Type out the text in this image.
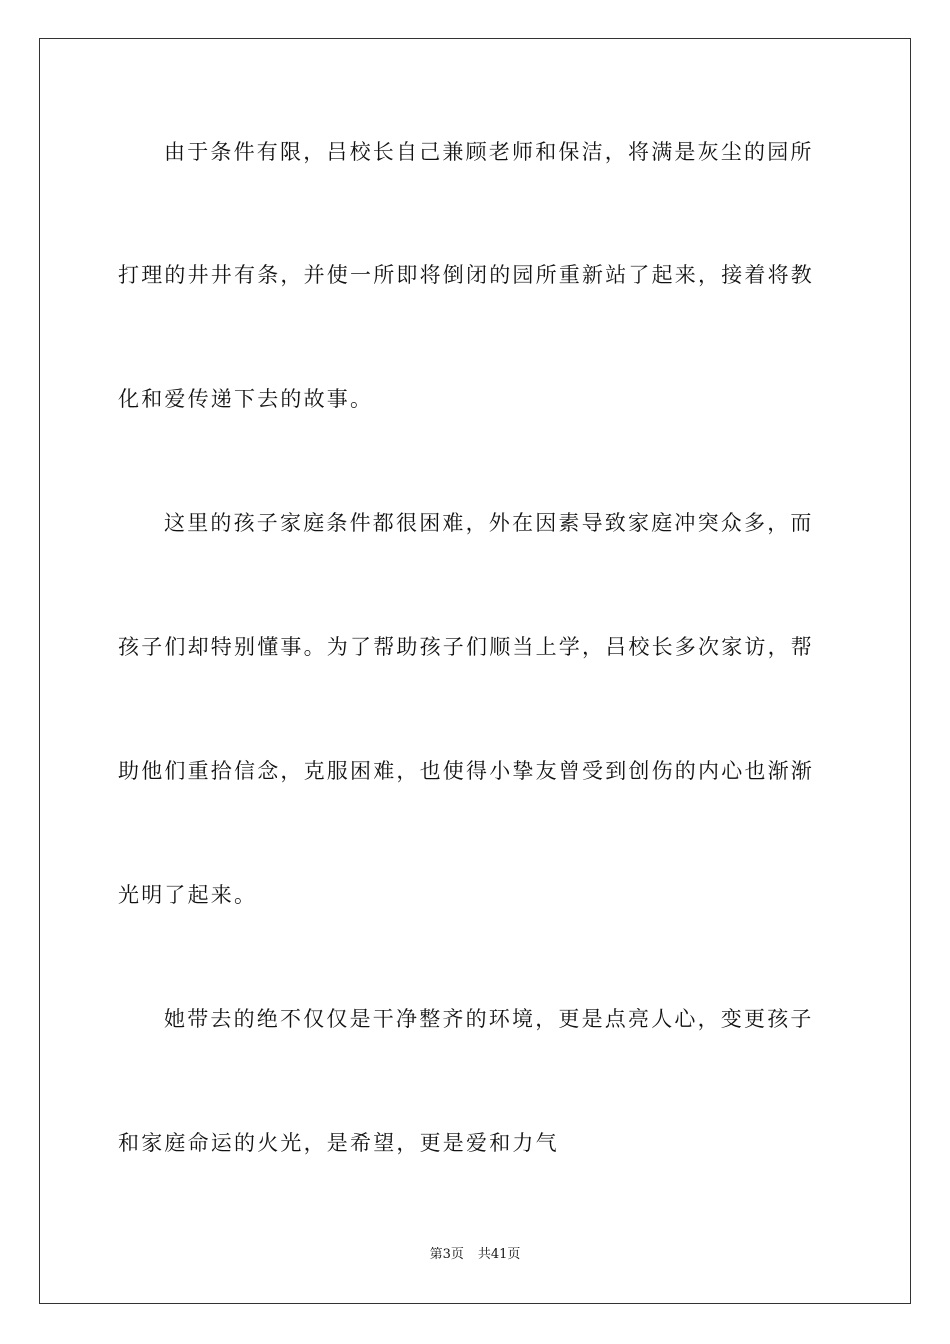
由于条件有限，吕校长自己兼顾老师和保洁，将满是灰尘的园所
打理的井井有条，并使一所即将倒闭的园所重新站了起来，接着将教
化和爱传递下去的故事。
这里的孩子家庭条件都很困难，外在因素导致家庭冲突众多，而
孩子们却特别懂事。为了帮助孩子们顺当上学，吕校长多次家访，帮
助他们重拾信念，克服困难，也使得小挚友曾受到创伤的内心也渐渐
光明了起来。
她带去的绝不仅仅是干净整齐的环境，更是点亮人心，变更孩子
和家庭命运的火光，是希望，更是爱和力气
第3页 共41页
